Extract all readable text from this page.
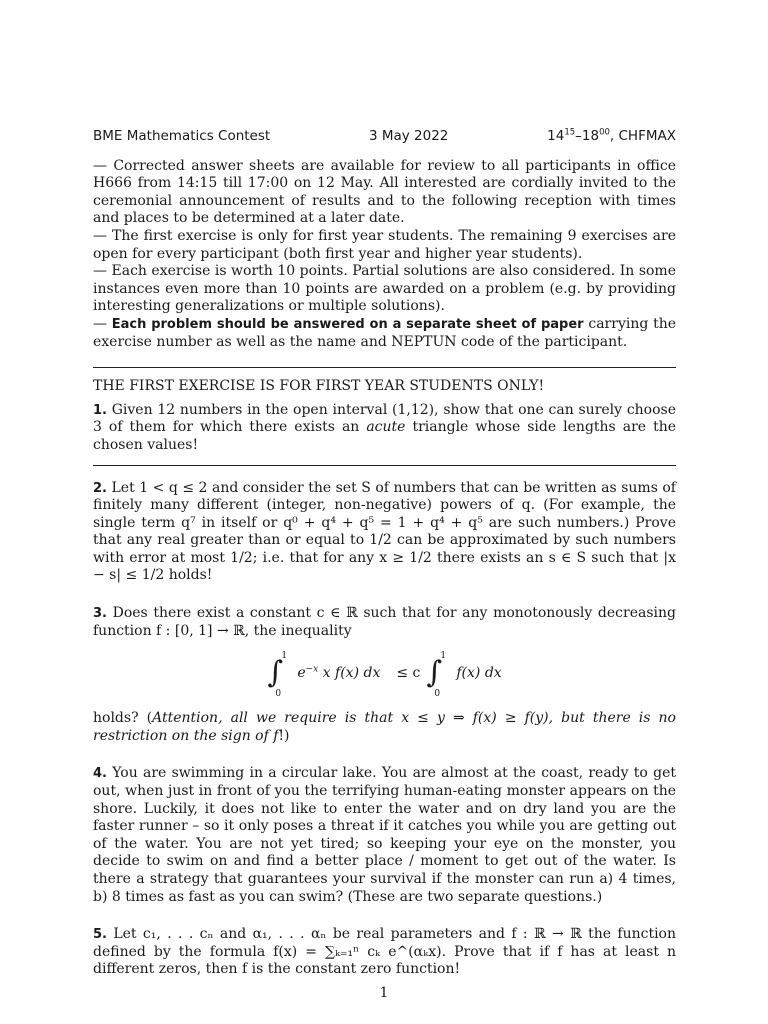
BME Mathematics Contest	3 May 2022	$14^{15}-18^{00}$, CHFMAX

— Corrected answer sheets are available for review to all participants in office H666 from 14:15 till 17:00 on 12 May. All interested are cordially invited to the ceremonial announcement of results and to the following reception with times and places to be determined at a later date.

— The first exercise is only for first year students. The remaining 9 exercises are open for every participant (both first year and higher year students).

— Each exercise is worth 10 points. Partial solutions are also considered. In some instances even more than 10 points are awarded on a problem (e.g. by providing interesting generalizations or multiple solutions).

— Each problem should be answered on a separate sheet of paper carrying the exercise number as well as the name and NEPTUN code of the participant.

THE FIRST EXERCISE IS FOR FIRST YEAR STUDENTS ONLY!

1. Given 12 numbers in the open interval (1,12), show that one can surely choose 3 of them for which there exists an acute triangle whose side lengths are the chosen values!

2. Let 1 < q ≤ 2 and consider the set S of numbers that can be written as sums of finitely many different (integer, non-negative) powers of q. (For example, the single term q⁷ in itself or q⁰ + q⁴ + q⁵ = 1 + q⁴ + q⁵ are such numbers.) Prove that any real greater than or equal to 1/2 can be approximated by such numbers with error at most 1/2; i.e. that for any x ≥ 1/2 there exists an s ∈ S such that |x − s| ≤ 1/2 holds!

3. Does there exist a constant c ∈ ℝ such that for any monotonously decreasing function f : [0, 1] → ℝ, the inequality

∫
1
0
$e^{-x}$ x f(x) dx ≤ c ∫
1
0
f(x) dx

holds? (Attention, all we require is that x ≤ y ⇒ f(x) ≥ f(y), but there is no restriction on the sign of f!)

4. You are swimming in a circular lake. You are almost at the coast, ready to get out, when just in front of you the terrifying human-eating monster appears on the shore. Luckily, it does not like to enter the water and on dry land you are the faster runner – so it only poses a threat if it catches you while you are getting out of the water. You are not yet tired; so keeping your eye on the monster, you decide to swim on and find a better place / moment to get out of the water. Is there a strategy that guarantees your survival if the monster can run a) 4 times, b) 8 times as fast as you can swim? (These are two separate questions.)

5. Let c₁, . . . cₙ and α₁, . . . αₙ be real parameters and f : ℝ → ℝ the function defined by the formula f(x) = ∑ₖ₌₁ⁿ cₖ e^(αₖx). Prove that if f has at least n different zeros, then f is the constant zero function!

1
